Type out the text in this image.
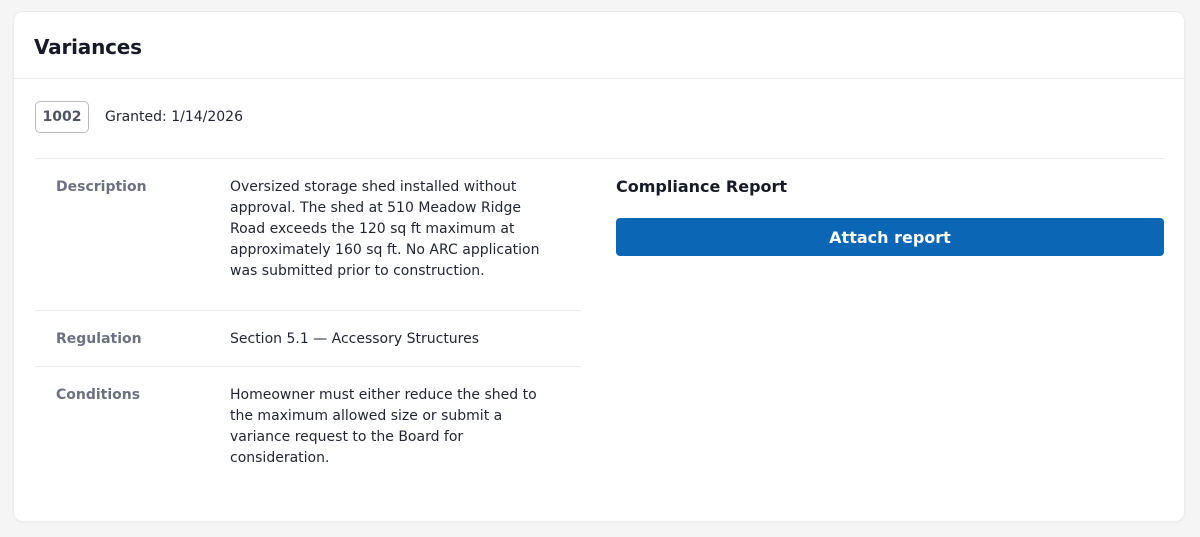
Variances
1002	Granted: 1/14/2026
Description	Oversized storage shed installed without approval. The shed at 510 Meadow Ridge Road exceeds the 120 sq ft maximum at approximately 160 sq ft. No ARC application was submitted prior to construction.
Regulation	Section 5.1 — Accessory Structures
Conditions	Homeowner must either reduce the shed to the maximum allowed size or submit a variance request to the Board for consideration.
Compliance Report
Attach report
